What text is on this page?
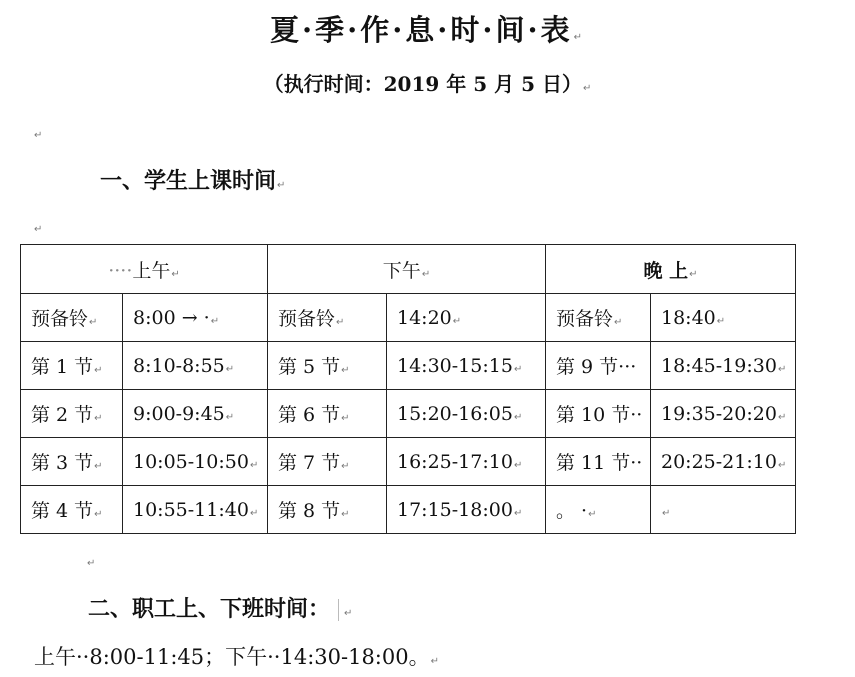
夏·季·作·息·时·间·表↵
（执行时间：2019 年 5 月 5 日）↵
↵
一、学生上课时间↵
↵
····上午↵		下午↵		晚 上↵	
预备铃↵	8:00 → ·↵	预备铃↵	14:20↵	预备铃↵	18:40↵
第 1 节↵	8:10-8:55↵	第 5 节↵	14:30-15:15↵	第 9 节···	18:45-19:30↵
第 2 节↵	9:00-9:45↵	第 6 节↵	15:20-16:05↵	第 10 节··	19:35-20:20↵
第 3 节↵	10:05-10:50↵	第 7 节↵	16:25-17:10↵	第 11 节··	20:25-21:10↵
第 4 节↵	10:55-11:40↵	第 8 节↵	17:15-18:00↵	。 ·↵	↵
↵
二、职工上、下班时间： ↵
上午··8:00-11:45；下午··14:30-18:00。↵
